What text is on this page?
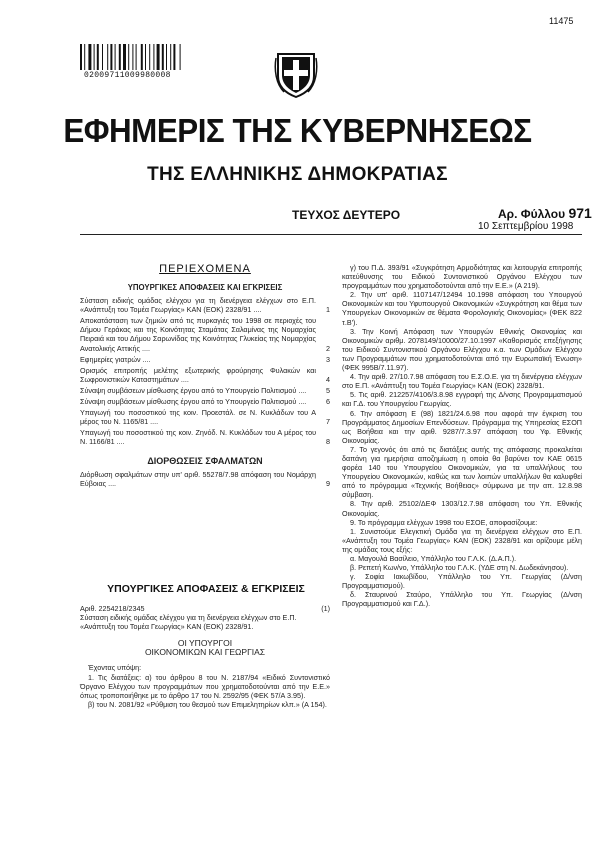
02009711009980008
11475
ΕΦΗΜΕΡΙΣ ΤΗΣ ΚΥΒΕΡΝΗΣΕΩΣ
ΤΗΣ ΕΛΛΗΝΙΚΗΣ ΔΗΜΟΚΡΑΤΙΑΣ
ΤΕΥΧΟΣ ΔΕΥΤΕΡΟ	Αρ. Φύλλου 971
10 Σεπτεμβρίου 1998
ΠΕΡΙΕΧΟΜΕΝΑ

ΥΠΟΥΡΓΙΚΕΣ ΑΠΟΦΑΣΕΙΣ ΚΑΙ ΕΓΚΡΙΣΕΙΣ

Σύσταση ειδικής ομάδας ελέγχου για τη διενέργεια ελέγχων στο Ε.Π. «Ανάπτυξη του Τομέα Γεωργίας» ΚΑΝ (ΕΟΚ) 2328/91 ....	1

Αποκατάσταση των ζημιών από τις πυρκαγιές του 1998 σε περιοχές του Δήμου Γεράκας και της Κοινότητας Σταμάτας Σαλαμίνας της Νομαρχίας Πειραιά και του Δήμου Σαρωνίδας της Κοινότητας Γλυκείας της Νομαρχίας Ανατολικής Αττικής ....	2

Εφημερίες γιατρών ....	3

Ορισμός επιτροπής μελέτης εξωτερικής φρούρησης Φυλακών και Σωφρονιστικών Καταστημάτων ....	4

Σύναψη συμβάσεων μίσθωσης έργου από το Υπουργείο Πολιτισμού ....	5

Σύναψη συμβάσεων μίσθωσης έργου από το Υπουργείο Πολιτισμού ....	6

Υπαγωγή του ποσοστικού της κοιν. Προεστάλ. σε Ν. Κυκλάδων του Α μέρος του Ν. 1165/81 ....	7

Υπαγωγή του ποσοστικού της κοιν. Ζηνόδ. Ν. Κυκλάδων του Α μέρος του Ν. 1166/81 ....	8

ΔΙΟΡΘΩΣΕΙΣ ΣΦΑΛΜΑΤΩΝ

Διόρθωση σφαλμάτων στην υπ' αριθ. 55278/7.98 απόφαση του Νομάρχη Εύβοιας ....	9

ΥΠΟΥΡΓΙΚΕΣ ΑΠΟΦΑΣΕΙΣ & ΕΓΚΡΙΣΕΙΣ

Αριθ. 2254218/2345	(1)

Σύσταση ειδικής ομάδας ελέγχου για τη διενέργεια ελέγχων στο Ε.Π. «Ανάπτυξη του Τομέα Γεωργίας» ΚΑΝ (ΕΟΚ) 2328/91.

ΟΙ ΥΠΟΥΡΓΟΙ

ΟΙΚΟΝΟΜΙΚΩΝ ΚΑΙ ΓΕΩΡΓΙΑΣ

Έχοντας υπόψη:

1. Τις διατάξεις: α) του άρθρου 8 του Ν. 2187/94 «Ειδικό Συντονιστικό Όργανο Ελέγχου των προγραμμάτων που χρηματοδοτούνται από την Ε.Ε.» όπως τροποποιήθηκε με το άρθρο 17 του Ν. 2592/95 (ΦΕΚ 57/Α 3.95).

β) του Ν. 2081/92 «Ρύθμιση του θεσμού των Επιμελητηρίων κλπ.» (Α 154).

γ) του Π.Δ. 393/91 «Συγκρότηση Αρμοδιότητας και λειτουργία επιτροπής κατεύθυνσης του Ειδικού Συντονιστικού Οργάνου Ελέγχου των προγραμμάτων που χρηματοδοτούνται από την Ε.Ε.» (Α 219).

2. Την υπ' αριθ. 1107147/12494 10.1998 απόφαση του Υπουργού Οικονομικών και του Υφυπουργού Οικονομικών «Συγκρότηση και θέμα των Υπουργείων Οικονομικών σε θέματα Φορολογικής Οικονομίας» (ΦΕΚ 822 τ.Β').

3. Την Κοινή Απόφαση των Υπουργών Εθνικής Οικονομίας και Οικονομικών αριθμ. 2078149/10000/27.10.1997 «Καθορισμός επεξήγησης του Ειδικού Συντονιστικού Οργάνου Ελέγχου κ.α. των Ομάδων Ελέγχου των Προγραμμάτων που χρηματοδοτούνται από την Ευρωπαϊκή Ένωση» (ΦΕΚ 995Β/7.11.97).

4. Την αριθ. 27/10.7.98 απόφαση του Ε.Σ.Ο.Ε. για τη διενέργεια ελέγχων στο Ε.Π. «Ανάπτυξη του Τομέα Γεωργίας» ΚΑΝ (ΕΟΚ) 2328/91.

5. Τις αριθ. 212257/4106/3.8.98 εγγραφή της Δ/νσης Προγραμματισμού και Γ.Δ. του Υπουργείου Γεωργίας.

6. Την απόφαση Ε (98) 1821/24.6.98 που αφορά την έγκριση του Προγράμματος Δημοσίων Επενδύσεων. Πρόγραμμα της Υπηρεσίας ΕΣΟΠ ως Βοήθεια και την αριθ. 9287/7.3.97 απόφαση του Υφ. Εθνικής Οικονομίας.

7. Το γεγονός ότι από τις διατάξεις αυτής της απόφασης προκαλείται δαπάνη για ημερήσια αποζημίωση η οποία θα βαρύνει τον ΚΑΕ 0615 φορέα 140 του Υπουργείου Οικονομικών, για τα υπαλλήλους του Υπουργείου Οικονομικών, καθώς και των λοιπών υπαλλήλων θα καλυφθεί από το πρόγραμμα «Τεχνικής Βοήθειας» σύμφωνα με την απ. 12.8.98 σύμβαση.

8. Την αριθ. 25102/ΔΕΦ 1303/12.7.98 απόφαση του Υπ. Εθνικής Οικονομίας.

9. Το πρόγραμμα ελέγχων 1998 του ΕΣΟΕ, αποφασίζουμε:

1. Συνιστούμε Ελεγκτική Ομάδα για τη διενέργεια ελέγχων στο Ε.Π. «Ανάπτυξη του Τομέα Γεωργίας» ΚΑΝ (ΕΟΚ) 2328/91 και ορίζουμε μέλη της ομάδας τους εξής:

α. Μαγουλά Βασίλειο, Υπάλληλο του Γ.Λ.Κ. (Δ.Α.Π.).

β. Ρεπετή Κων/νο, Υπάλληλο του Γ.Λ.Κ. (ΥΔΕ στη Ν. Δωδεκάνησου).

γ. Σοφία Ιακωβίδου, Υπάλληλο του Υπ. Γεωργίας (Δ/νση Προγραμματισμού).

δ. Σταυρινού Σταύρο, Υπάλληλο του Υπ. Γεωργίας (Δ/νση Προγραμματισμού και Γ.Δ.).
